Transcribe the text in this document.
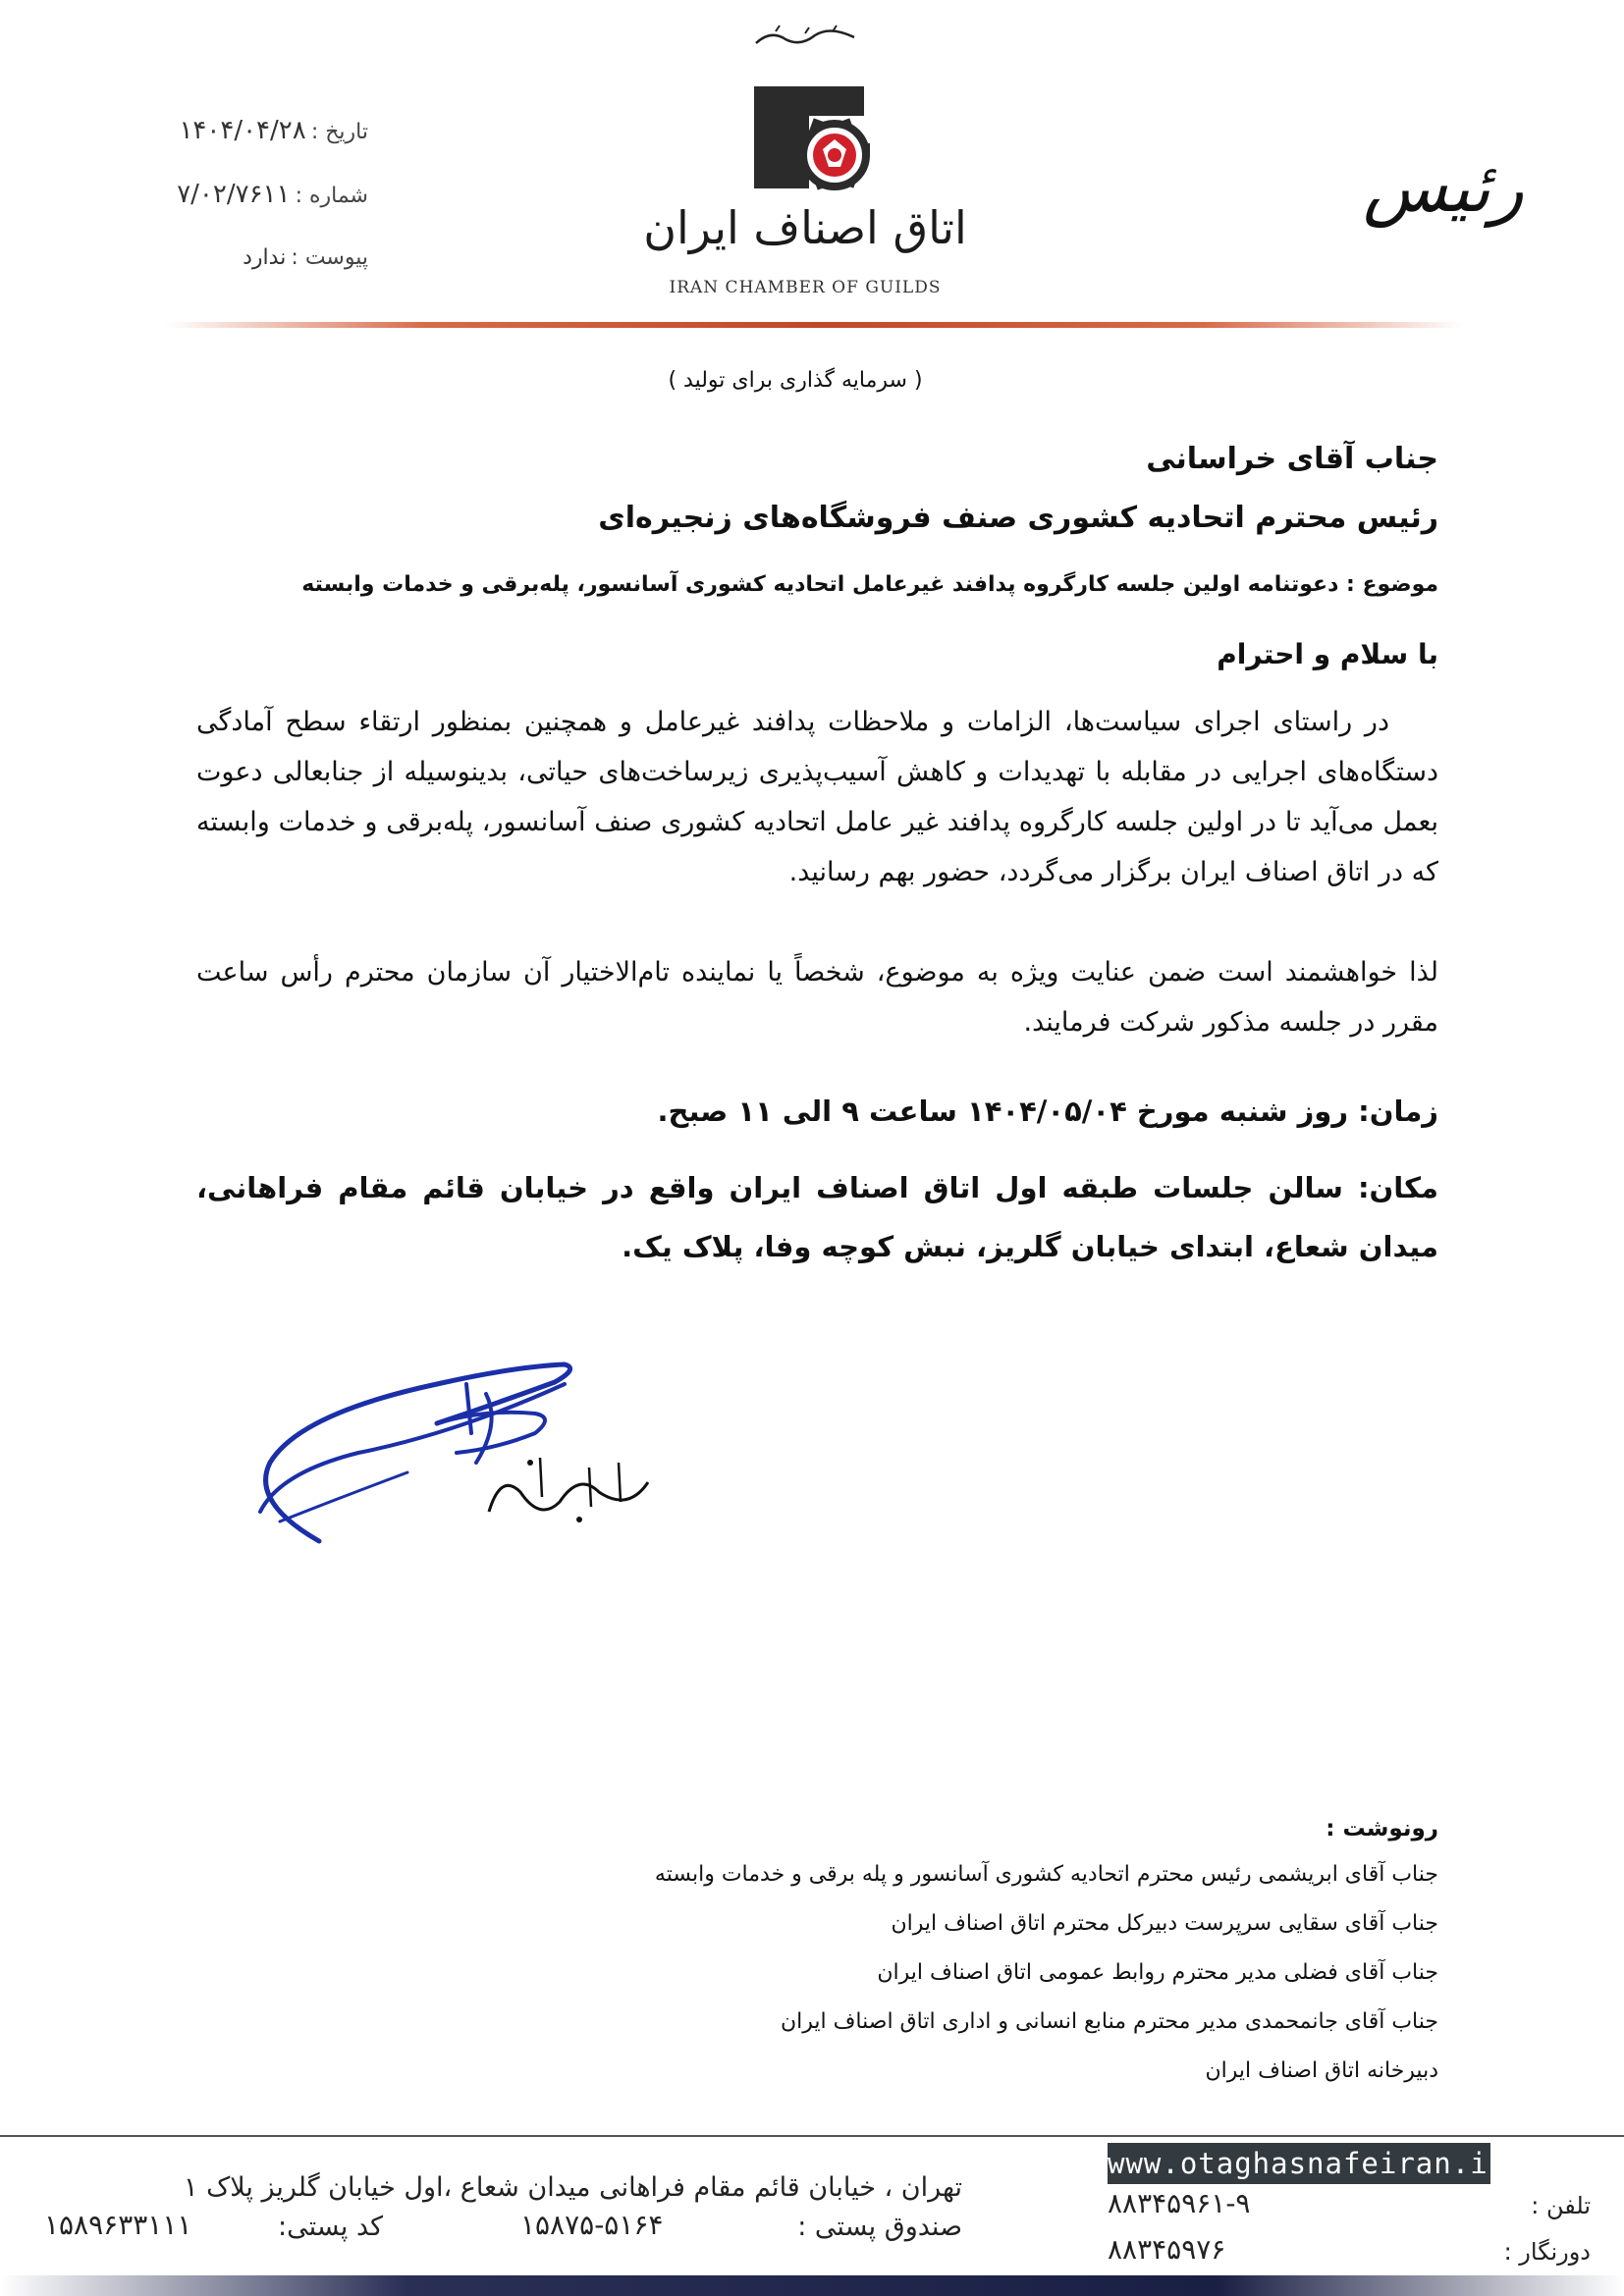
تاریخ : ۱۴۰۴/۰۴/۲۸
شماره : ۷/۰۲/۷۶۱۱
پیوست : ندارد
اتاق اصناف ایران
IRAN CHAMBER OF GUILDS
رئیس
( سرمایه گذاری برای تولید )
جناب آقای خراسانی
رئیس محترم اتحادیه کشوری صنف فروشگاه‌های زنجیره‌ای
موضوع : دعوتنامه اولین جلسه کارگروه پدافند غیرعامل اتحادیه کشوری آسانسور، پله‌برقی و خدمات وابسته
با سلام و احترام
در راستای اجرای سیاست‌ها، الزامات و ملاحظات پدافند غیرعامل و همچنین بمنظور ارتقاء سطح آمادگی دستگاه‌های اجرایی در مقابله با تهدیدات و کاهش آسیب‌پذیری زیرساخت‌های حیاتی، بدینوسیله از جنابعالی دعوت بعمل می‌آید تا در اولین جلسه کارگروه پدافند غیر عامل اتحادیه کشوری صنف آسانسور، پله‌برقی و خدمات وابسته که در اتاق اصناف ایران برگزار می‌گردد، حضور بهم رسانید.
لذا خواهشمند است ضمن عنایت ویژه به موضوع، شخصاً یا نماینده تام‌الاختیار آن سازمان محترم رأس ساعت مقرر در جلسه مذکور شرکت فرمایند.
زمان: روز شنبه مورخ ۱۴۰۴/۰۵/۰۴ ساعت ۹ الی ۱۱ صبح.
مکان: سالن جلسات طبقه اول اتاق اصناف ایران واقع در خیابان قائم مقام فراهانی، میدان شعاع، ابتدای خیابان گلریز، نبش کوچه وفا، پلاک یک.
رونوشت :
جناب آقای ابریشمی رئیس محترم اتحادیه کشوری آسانسور و پله برقی و خدمات وابسته
جناب آقای سقایی سرپرست دبیرکل محترم اتاق اصناف ایران
جناب آقای فضلی مدیر محترم روابط عمومی اتاق اصناف ایران
جناب آقای جانمحمدی مدیر محترم منابع انسانی و اداری اتاق اصناف ایران
دبیرخانه اتاق اصناف ایران
www.otaghasnafeiran.ir
تلفن :
۸۸۳۴۵۹۶۱-۹
دورنگار :
۸۸۳۴۵۹۷۶
تهران ، خیابان قائم مقام فراهانی میدان شعاع ،اول خیابان گلریز پلاک ۱
صندوق پستی :
۱۵۸۷۵-۵۱۶۴
کد پستی:
۱۵۸۹۶۳۳۱۱۱
